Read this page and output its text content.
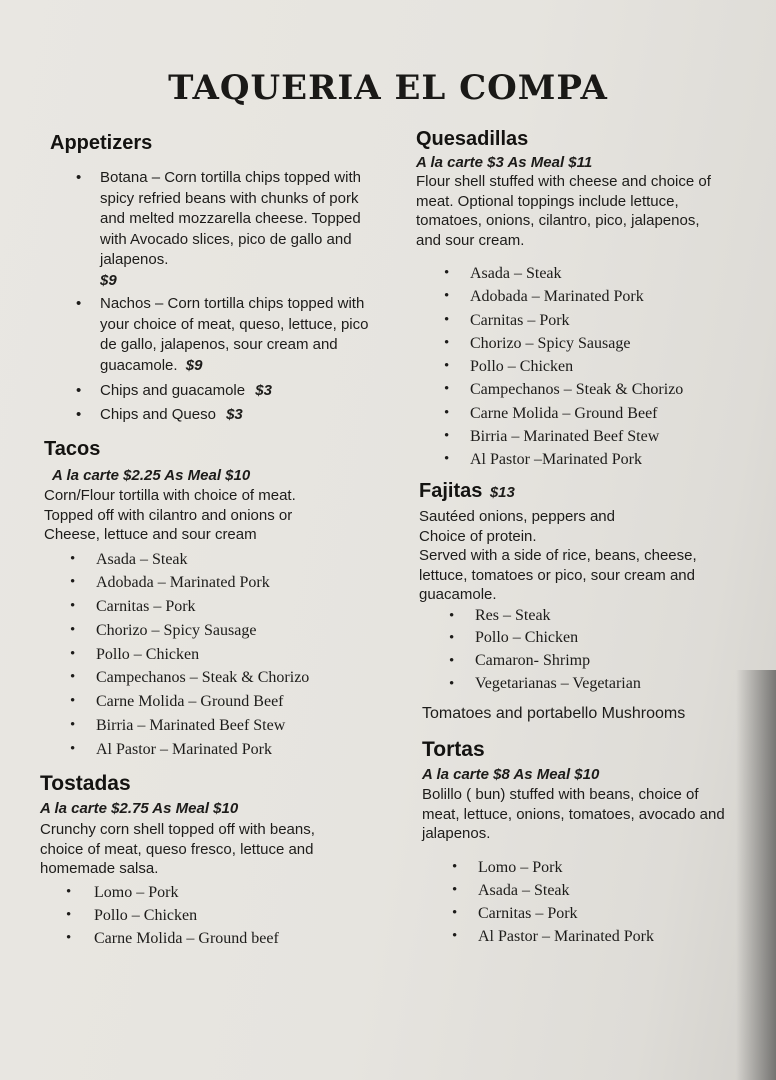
TAQUERIA EL COMPA
Appetizers
• Botana – Corn tortilla chips topped with spicy refried beans with chunks of pork and melted mozzarella cheese. Topped with Avocado slices, pico de gallo and jalapenos.
$9
• Nachos – Corn tortilla chips topped with your choice of meat, queso, lettuce, pico de gallo, jalapenos, sour cream and guacamole. $9
• Chips and guacamole $3
• Chips and Queso $3
Tacos
A la carte $2.25 As Meal $10
Corn/Flour tortilla with choice of meat. Topped off with cilantro and onions or Cheese, lettuce and sour cream
• Asada – Steak
• Adobada – Marinated Pork
• Carnitas – Pork
• Chorizo – Spicy Sausage
• Pollo – Chicken
• Campechanos – Steak & Chorizo
• Carne Molida – Ground Beef
• Birria – Marinated Beef Stew
• Al Pastor – Marinated Pork
Tostadas
A la carte $2.75 As Meal $10
Crunchy corn shell topped off with beans, choice of meat, queso fresco, lettuce and homemade salsa.
• Lomo – Pork
• Pollo – Chicken
• Carne Molida – Ground beef
Quesadillas
A la carte $3 As Meal $11
Flour shell stuffed with cheese and choice of meat. Optional toppings include lettuce, tomatoes, onions, cilantro, pico, jalapenos, and sour cream.
• Asada – Steak
• Adobada – Marinated Pork
• Carnitas – Pork
• Chorizo – Spicy Sausage
• Pollo – Chicken
• Campechanos – Steak & Chorizo
• Carne Molida – Ground Beef
• Birria – Marinated Beef Stew
• Al Pastor –Marinated Pork
Fajitas $13
Sautéed onions, peppers and Choice of protein.
Served with a side of rice, beans, cheese, lettuce, tomatoes or pico, sour cream and guacamole.
• Res – Steak
• Pollo – Chicken
• Camaron- Shrimp
• Vegetarianas – Vegetarian
Tomatoes and portabello Mushrooms
Tortas
A la carte $8 As Meal $10
Bolillo ( bun) stuffed with beans, choice of meat, lettuce, onions, tomatoes, avocado and jalapenos.
• Lomo – Pork
• Asada – Steak
• Carnitas – Pork
• Al Pastor – Marinated Pork
